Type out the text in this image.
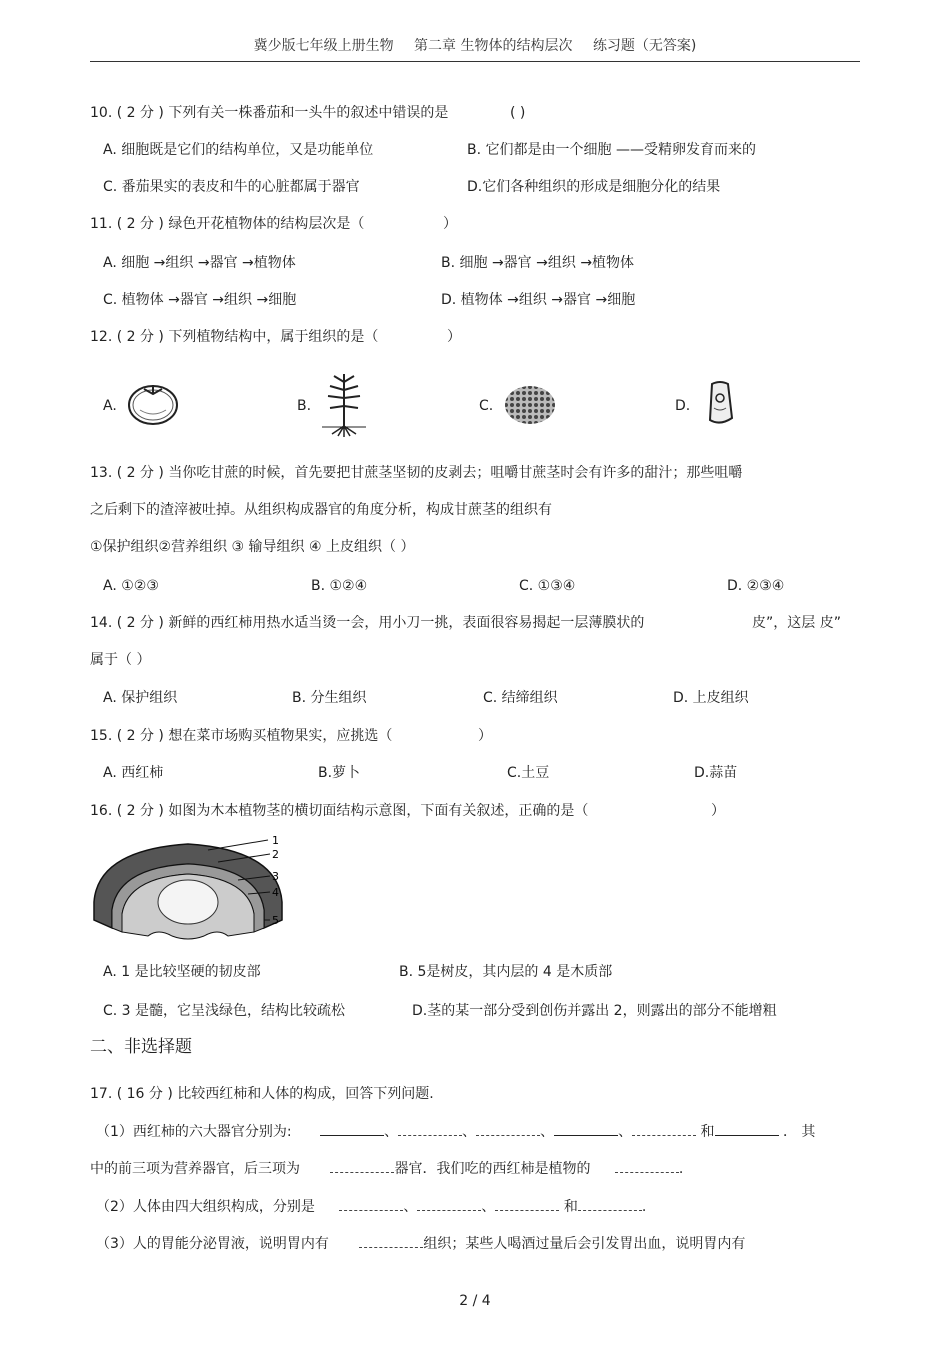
冀少版七年级上册生物 第二章 生物体的结构层次 练习题（无答案)
10. ( 2 分 ) 下列有关一株番茄和一头牛的叙述中错误的是	( )
A. 细胞既是它们的结构单位，又是功能单位	B. 它们都是由一个细胞 ——受精卵发育而来的
C. 番茄果实的表皮和牛的心脏都属于器官	D.它们各种组织的形成是细胞分化的结果
11. ( 2 分 ) 绿色开花植物体的结构层次是（	）
A. 细胞 →组织 →器官 →植物体	B. 细胞 →器官 →组织 →植物体
C. 植物体 →器官 →组织 →细胞	D. 植物体 →组织 →器官 →细胞
12. ( 2 分 ) 下列植物结构中，属于组织的是（	）
A.	B.	C.	D.
13. ( 2 分 ) 当你吃甘蔗的时候，首先要把甘蔗茎坚韧的皮剥去；咀嚼甘蔗茎时会有许多的甜汁；那些咀嚼
之后剩下的渣滓被吐掉。从组织构成器官的角度分析，构成甘蔗茎的组织有
①保护组织②营养组织 ③ 输导组织 ④ 上皮组织（ ）
A. ①②③	B. ①②④	C. ①③④	D. ②③④
14. ( 2 分 ) 新鲜的西红柿用热水适当烫一会，用小刀一挑，表面很容易揭起一层薄膜状的	皮”，这层 皮”
属于（ ）
A. 保护组织	B. 分生组织	C. 结缔组织	D. 上皮组织
15. ( 2 分 ) 想在菜市场购买植物果实，应挑选（	）
A. 西红柿	B.萝卜	C.土豆	D.蒜苗
16. ( 2 分 ) 如图为木本植物茎的横切面结构示意图，下面有关叙述，正确的是（	）
1
2
3
4
5
A. 1 是比较坚硬的韧皮部	B. 5是树皮，其内层的 4 是木质部
C. 3 是髓，它呈浅绿色，结构比较疏松	D.茎的某一部分受到创伤并露出 2，则露出的部分不能增粗
二、非选择题
17. ( 16 分 ) 比较西红柿和人体的构成，回答下列问题.
（1）西红柿的六大器官分别为:	、	、	、	、	和	． 其
中的前三项为营养器官，后三项为	器官．我们吃的西红柿是植物的	.
（2）人体由四大组织构成，分别是	、	、	和	.
（3）人的胃能分泌胃液，说明胃内有	组织；某些人喝酒过量后会引发胃出血，说明胃内有
2 / 4
